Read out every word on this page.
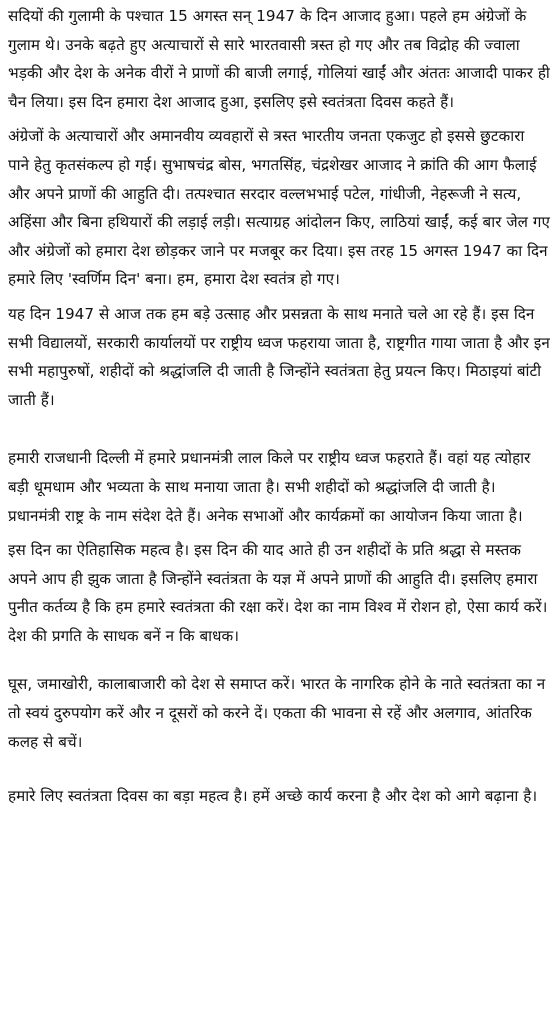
सदियों की गुलामी के पश्चात 15 अगस्त सन् 1947 के दिन आजाद हुआ। पहले हम अंग्रेजों के गुलाम थे। उनके बढ़ते हुए अत्याचारों से सारे भारतवासी त्रस्त हो गए और तब विद्रोह की ज्वाला भड़की और देश के अनेक वीरों ने प्राणों की बाजी लगाई, गोलियां खाईं और अंततः आजादी पाकर ही चैन लिया। इस दिन हमारा देश आजाद हुआ, इसलिए इसे स्वतंत्रता दिवस कहते हैं।

अंग्रेजों के अत्याचारों और अमानवीय व्यवहारों से त्रस्त भारतीय जनता एकजुट हो इससे छुटकारा पाने हेतु कृतसंकल्प हो गई। सुभाषचंद्र बोस, भगतसिंह, चंद्रशेखर आजाद ने क्रांति की आग फैलाई और अपने प्राणों की आहुति दी। तत्पश्चात सरदार वल्लभभाई पटेल, गांधीजी, नेहरूजी ने सत्य, अहिंसा और बिना हथियारों की लड़ाई लड़ी। सत्याग्रह आंदोलन किए, लाठियां खाईं, कई बार जेल गए और अंग्रेजों को हमारा देश छोड़कर जाने पर मजबूर कर दिया। इस तरह 15 अगस्त 1947 का दिन हमारे लिए 'स्वर्णिम दिन' बना। हम, हमारा देश स्वतंत्र हो गए।

यह दिन 1947 से आज तक हम बड़े उत्साह और प्रसन्नता के साथ मनाते चले आ रहे हैं। इस दिन सभी विद्यालयों, सरकारी कार्यालयों पर राष्ट्रीय ध्वज फहराया जाता है, राष्ट्रगीत गाया जाता है और इन सभी महापुरुषों, शहीदों को श्रद्धांजलि दी जाती है जिन्होंने स्वतंत्रता हेतु प्रयत्न किए। मिठाइयां बांटी जाती हैं।

हमारी राजधानी दिल्ली में हमारे प्रधानमंत्री लाल किले पर राष्ट्रीय ध्वज फहराते हैं। वहां यह त्योहार बड़ी धूमधाम और भव्यता के साथ मनाया जाता है। सभी शहीदों को श्रद्धांजलि दी जाती है। प्रधानमंत्री राष्ट्र के नाम संदेश देते हैं। अनेक सभाओं और कार्यक्रमों का आयोजन किया जाता है।

इस दिन का ऐतिहासिक महत्व है। इस दिन की याद आते ही उन शहीदों के प्रति श्रद्धा से मस्तक अपने आप ही झुक जाता है जिन्होंने स्वतंत्रता के यज्ञ में अपने प्राणों की आहुति दी। इसलिए हमारा पुनीत कर्तव्य है कि हम हमारे स्वतंत्रता की रक्षा करें। देश का नाम विश्व में रोशन हो, ऐसा कार्य करें। देश की प्रगति के साधक बनें न कि बाधक।

घूस, जमाखोरी, कालाबाजारी को देश से समाप्त करें। भारत के नागरिक होने के नाते स्वतंत्रता का न तो स्वयं दुरुपयोग करें और न दूसरों को करने दें। एकता की भावना से रहें और अलगाव, आंतरिक कलह से बचें।

हमारे लिए स्वतंत्रता दिवस का बड़ा महत्व है। हमें अच्छे कार्य करना है और देश को आगे बढ़ाना है।
